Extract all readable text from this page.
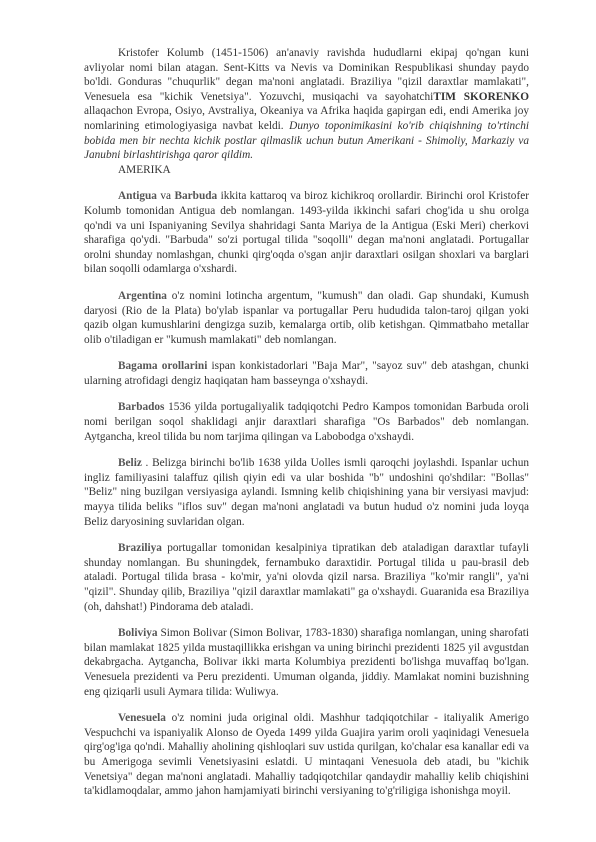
Kristofer Kolumb (1451-1506) an'anaviy ravishda hududlarni ekipaj qo'ngan kuni avliyolar nomi bilan atagan. Sent-Kitts va Nevis va Dominikan Respublikasi shunday paydo bo'ldi. Gonduras "chuqurlik" degan ma'noni anglatadi. Braziliya "qizil daraxtlar mamlakati", Venesuela esa "kichik Venetsiya". Yozuvchi, musiqachi va sayohatchiTIM SKORENKO allaqachon Evropa, Osiyo, Avstraliya, Okeaniya va Afrika haqida gapirgan edi, endi Amerika joy nomlarining etimologiyasiga navbat keldi. Dunyo toponimikasini ko'rib chiqishning to'rtinchi bobida men bir nechta kichik postlar qilmaslik uchun butun Amerikani - Shimoliy, Markaziy va Janubni birlashtirishga qaror qildim.

AMERIKA

Antigua va Barbuda ikkita kattaroq va biroz kichikroq orollardir. Birinchi orol Kristofer Kolumb tomonidan Antigua deb nomlangan. 1493-yilda ikkinchi safari chog'ida u shu orolga qo'ndi va uni Ispaniyaning Sevilya shahridagi Santa Mariya de la Antigua (Eski Meri) cherkovi sharafiga qo'ydi. "Barbuda" so'zi portugal tilida "soqolli" degan ma'noni anglatadi. Portugallar orolni shunday nomlashgan, chunki qirg'oqda o'sgan anjir daraxtlari osilgan shoxlari va barglari bilan soqolli odamlarga o'xshardi.

Argentina o'z nomini lotincha argentum, "kumush" dan oladi. Gap shundaki, Kumush daryosi (Rio de la Plata) bo'ylab ispanlar va portugallar Peru hududida talon-taroj qilgan yoki qazib olgan kumushlarini dengizga suzib, kemalarga ortib, olib ketishgan. Qimmatbaho metallar olib o'tiladigan er "kumush mamlakati" deb nomlangan.

Bagama orollarini ispan konkistadorlari "Baja Mar", "sayoz suv" deb atashgan, chunki ularning atrofidagi dengiz haqiqatan ham basseynga o'xshaydi.

Barbados 1536 yilda portugaliyalik tadqiqotchi Pedro Kampos tomonidan Barbuda oroli nomi berilgan soqol shaklidagi anjir daraxtlari sharafiga "Os Barbados" deb nomlangan. Aytgancha, kreol tilida bu nom tarjima qilingan va Labobodga o'xshaydi.

Beliz . Belizga birinchi bo'lib 1638 yilda Uolles ismli qaroqchi joylashdi. Ispanlar uchun ingliz familiyasini talaffuz qilish qiyin edi va ular boshida "b" undoshini qo'shdilar: "Bollas" "Beliz" ning buzilgan versiyasiga aylandi. Ismning kelib chiqishining yana bir versiyasi mavjud: mayya tilida beliks "iflos suv" degan ma'noni anglatadi va butun hudud o'z nomini juda loyqa Beliz daryosining suvlaridan olgan.

Braziliya portugallar tomonidan kesalpiniya tipratikan deb ataladigan daraxtlar tufayli shunday nomlangan. Bu shuningdek, fernambuko daraxtidir. Portugal tilida u pau-brasil deb ataladi. Portugal tilida brasa - ko'mir, ya'ni olovda qizil narsa. Braziliya "ko'mir rangli", ya'ni "qizil". Shunday qilib, Braziliya "qizil daraxtlar mamlakati" ga o'xshaydi. Guaranida esa Braziliya (oh, dahshat!) Pindorama deb ataladi.

Boliviya Simon Bolivar (Simon Bolivar, 1783-1830) sharafiga nomlangan, uning sharofati bilan mamlakat 1825 yilda mustaqillikka erishgan va uning birinchi prezidenti 1825 yil avgustdan dekabrgacha. Aytgancha, Bolivar ikki marta Kolumbiya prezidenti bo'lishga muvaffaq bo'lgan. Venesuela prezidenti va Peru prezidenti. Umuman olganda, jiddiy. Mamlakat nomini buzishning eng qiziqarli usuli Aymara tilida: Wuliwya.

Venesuela o'z nomini juda original oldi. Mashhur tadqiqotchilar - italiyalik Amerigo Vespuchchi va ispaniyalik Alonso de Oyeda 1499 yilda Guajira yarim oroli yaqinidagi Venesuela qirg'og'iga qo'ndi. Mahalliy aholining qishloqlari suv ustida qurilgan, ko'chalar esa kanallar edi va bu Amerigoga sevimli Venetsiyasini eslatdi. U mintaqani Venesuola deb atadi, bu "kichik Venetsiya" degan ma'noni anglatadi. Mahalliy tadqiqotchilar qandaydir mahalliy kelib chiqishini ta'kidlamoqdalar, ammo jahon hamjamiyati birinchi versiyaning to'g'riligiga ishonishga moyil.
